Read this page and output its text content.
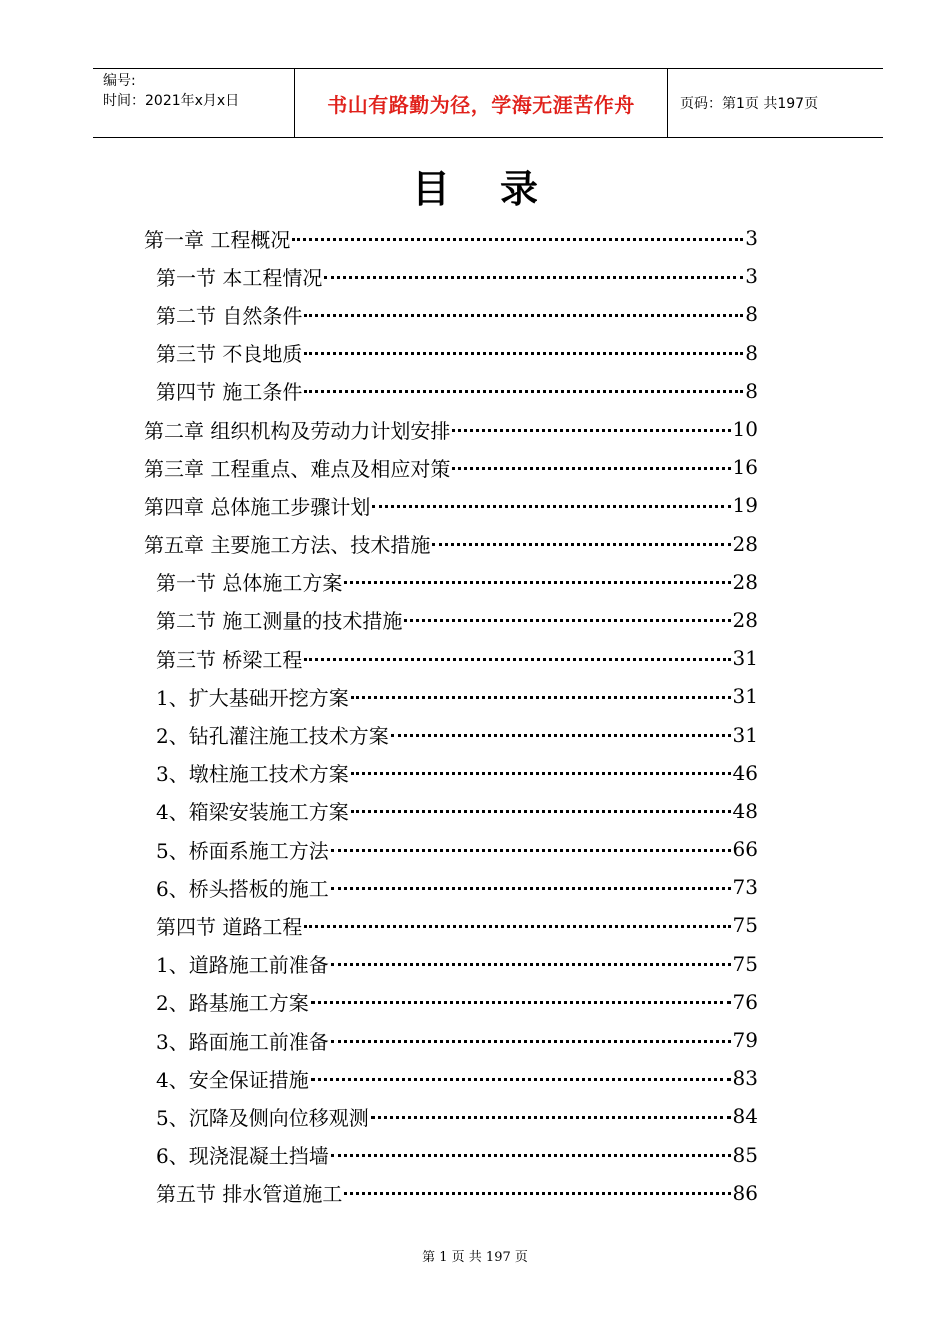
编号:
时间：2021年x月x日	书山有路勤为径，学海无涯苦作舟	页码：第1页 共197页
目录
第一章 工程概况	3
第一节 本工程情况	3
第二节 自然条件	8
第三节 不良地质	8
第四节 施工条件	8
第二章 组织机构及劳动力计划安排	10
第三章 工程重点、难点及相应对策	16
第四章 总体施工步骤计划	19
第五章 主要施工方法、技术措施	28
第一节 总体施工方案	28
第二节 施工测量的技术措施	28
第三节 桥梁工程	31
1、扩大基础开挖方案	31
2、钻孔灌注施工技术方案	31
3、墩柱施工技术方案	46
4、箱梁安装施工方案	48
5、桥面系施工方法	66
6、桥头搭板的施工	73
第四节 道路工程	75
1、道路施工前准备	75
2、路基施工方案	76
3、路面施工前准备	79
4、安全保证措施	83
5、沉降及侧向位移观测	84
6、现浇混凝土挡墙	85
第五节 排水管道施工	86
第 1 页 共 197 页
